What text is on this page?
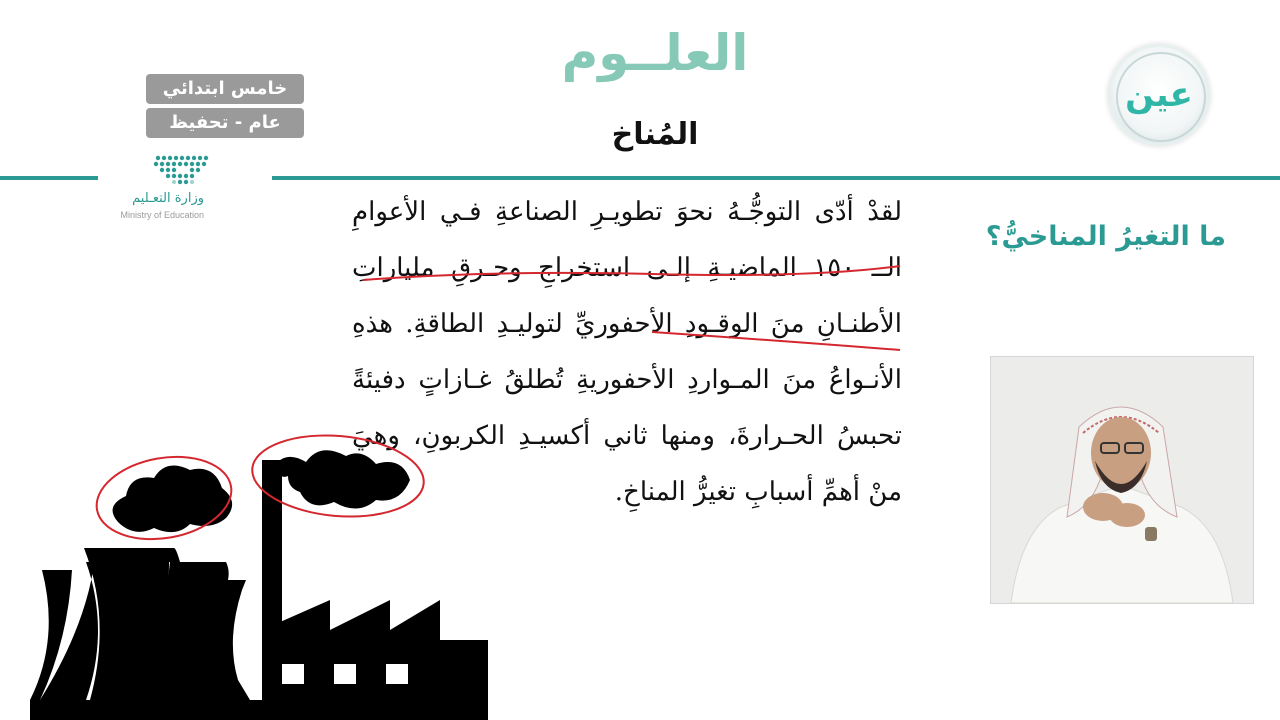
العلــوم
المُناخ
خامس ابتدائي
عام - تحفيظ
وزارة التعـليم
Ministry of Education
عين
ما التغيرُ المناخيُّ؟
لقدْ أدّى التوجُّـهُ نحوَ تطويـرِ الصناعةِ فـي الأعوامِ
الــ ١٥٠ الماضيـةِ إلـى استخراجِ وحـرقِ ملياراتِ
الأطنـانِ منَ الوقـودِ الأحفوريِّ لتوليـدِ الطاقةِ. هذهِ
الأنـواعُ منَ المـواردِ الأحفوريةِ تُطلقُ غـازاتٍ دفيئةً
تحبسُ الحـرارةَ، ومنها ثاني أكسيـدِ الكربونِ، وهيَ
منْ أهمِّ أسبابِ تغيرُّ المناخِ.
